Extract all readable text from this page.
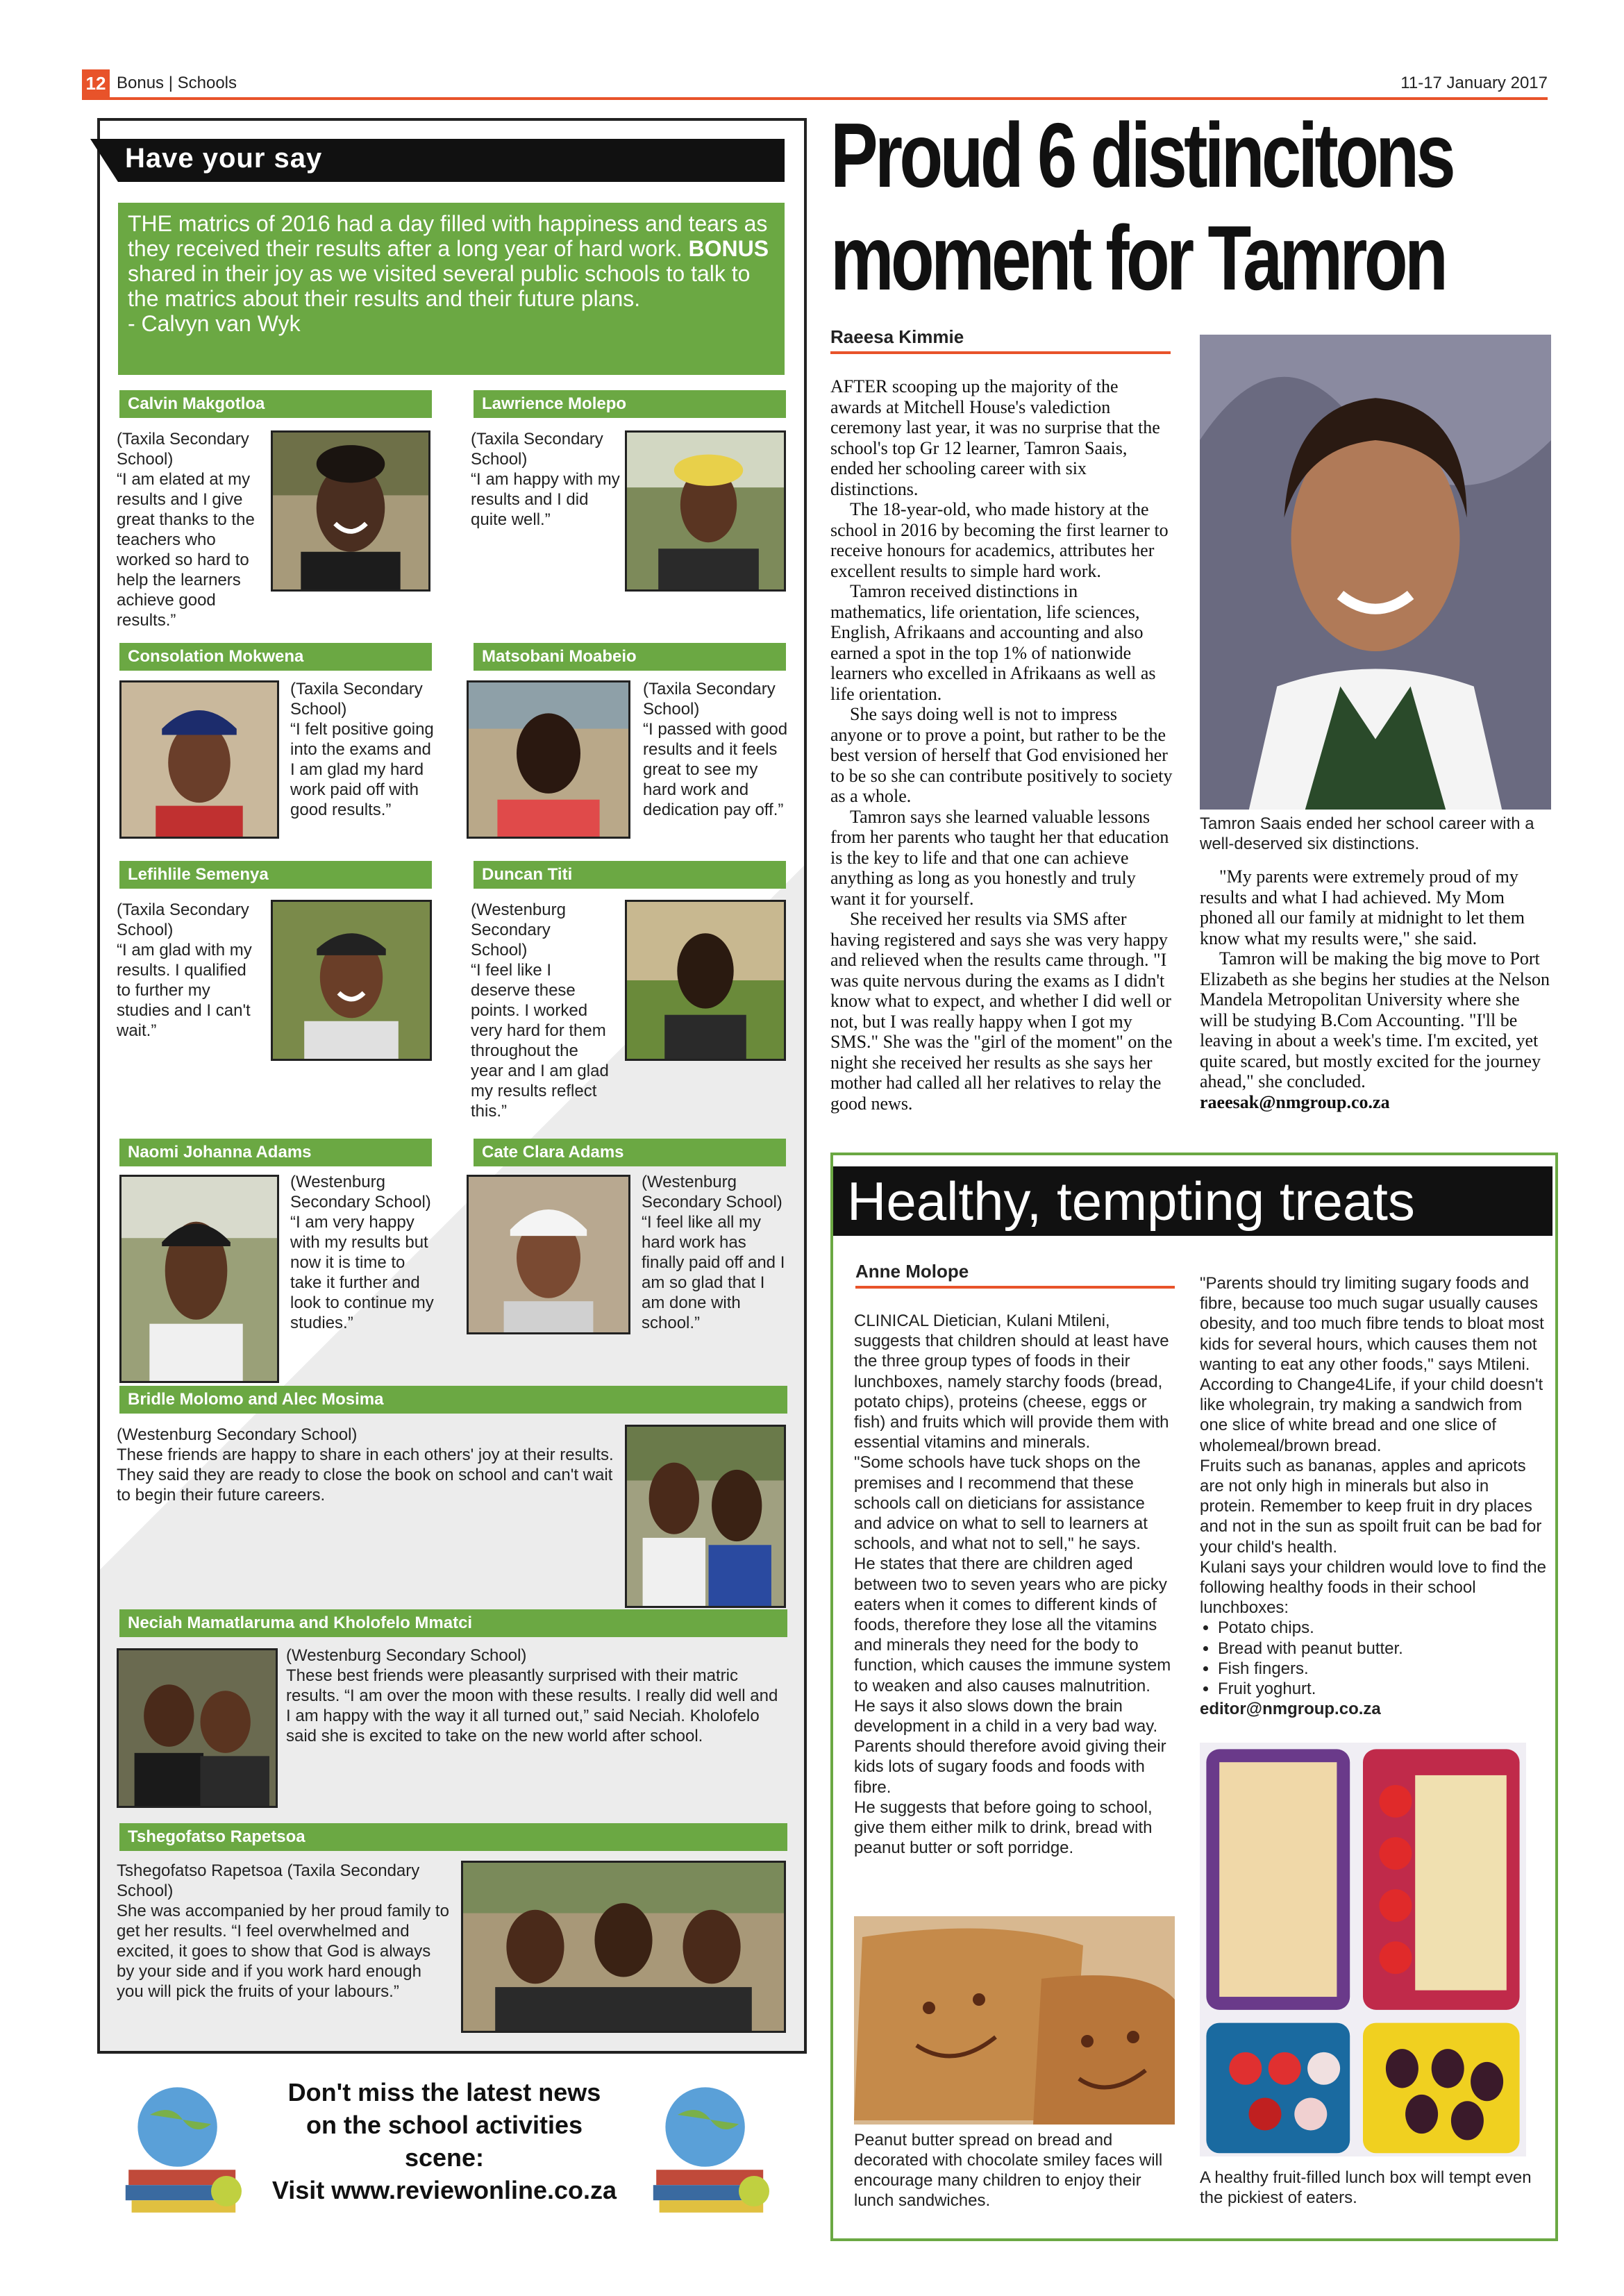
12 Bonus | Schools	11-17 January 2017
Have your say
THE matrics of 2016 had a day filled with happiness and tears as they received their results after a long year of hard work. BONUS shared in their joy as we visited several public schools to talk to the matrics about their results and their future plans.
- Calvyn van Wyk
Calvin Makgotloa
(Taxila Secondary School)
“I am elated at my results and I give great thanks to the teachers who worked so hard to help the learners achieve good results.”
Lawrience Molepo
(Taxila Secondary School)
“I am happy with my results and I did quite well.”
Consolation Mokwena
(Taxila Secondary School)
“I felt positive going into the exams and I am glad my hard work paid off with good results.”
Matsobani Moabeio
(Taxila Secondary School)
“I passed with good results and it feels great to see my hard work and dedication pay off.”
Lefihlile Semenya
(Taxila Secondary School)
“I am glad with my results. I qualified to further my studies and I can't wait.”
Duncan Titi
(Westenburg Secondary School)
“I feel like I deserve these points. I worked very hard for them throughout the year and I am glad my results reflect this.”
Naomi Johanna Adams
(Westenburg Secondary School)
“I am very happy with my results but now it is time to take it further and look to continue my studies.”
Cate Clara Adams
(Westenburg Secondary School)
“I feel like all my hard work has finally paid off and I am so glad that I am done with school.”
Bridle Molomo and Alec Mosima
(Westenburg Secondary School)
These friends are happy to share in each others' joy at their results. They said they are ready to close the book on school and can't wait to begin their future careers.
Neciah Mamatlaruma and Kholofelo Mmatci
(Westenburg Secondary School)
These best friends were pleasantly surprised with their matric results. “I am over the moon with these results. I really did well and I am happy with the way it all turned out,” said Neciah. Kholofelo said she is excited to take on the new world after school.
Tshegofatso Rapetsoa
Tshegofatso Rapetsoa (Taxila Secondary School)
She was accompanied by her proud family to get her results. “I feel overwhelmed and excited, it goes to show that God is always by your side and if you work hard enough you will pick the fruits of your labours.”
Don't miss the latest news
on the school activities
scene:
Visit www.reviewonline.co.za
Proud 6 distincitons
moment for Tamron
Raeesa Kimmie

AFTER scooping up the majority of the awards at Mitchell House's valediction ceremony last year, it was no surprise that the school's top Gr 12 learner, Tamron Saais, ended her schooling career with six distinctions.

The 18-year-old, who made history at the school in 2016 by becoming the first learner to receive honours for academics, attributes her excellent results to simple hard work.

Tamron received distinctions in mathematics, life orientation, life sciences, English, Afrikaans and accounting and also earned a spot in the top 1% of nationwide learners who excelled in Afrikaans as well as life orientation.

She says doing well is not to impress anyone or to prove a point, but rather to be the best version of herself that God envisioned her to be so she can contribute positively to society as a whole.

Tamron says she learned valuable lessons from her parents who taught her that education is the key to life and that one can achieve anything as long as you honestly and truly want it for yourself.

She received her results via SMS after having registered and says she was very happy and relieved when the results came through. "I was quite nervous during the exams as I didn't know what to expect, and whether I did well or not, but I was really happy when I got my SMS." She was the "girl of the moment" on the night she received her results as she says her mother had called all her relatives to relay the good news.

Tamron Saais ended her school career with a well-deserved six distinctions.

"My parents were extremely proud of my results and what I had achieved. My Mom phoned all our family at midnight to let them know what my results were," she said.

Tamron will be making the big move to Port Elizabeth as she begins her studies at the Nelson Mandela Metropolitan University where she will be studying B.Com Accounting. "I'll be leaving in about a week's time. I'm excited, yet quite scared, but mostly excited for the journey ahead," she concluded.

raeesak@nmgroup.co.za

Healthy, tempting treats
Anne Molope

CLINICAL Dietician, Kulani Mtileni, suggests that children should at least have the three group types of foods in their lunchboxes, namely starchy foods (bread, potato chips), proteins (cheese, eggs or fish) and fruits which will provide them with essential vitamins and minerals.

"Some schools have tuck shops on the premises and I recommend that these schools call on dieticians for assistance and advice on what to sell to learners at schools, and what not to sell," he says.

He states that there are children aged between two to seven years who are picky eaters when it comes to different kinds of foods, therefore they lose all the vitamins and minerals they need for the body to function, which causes the immune system to weaken and also causes malnutrition. He says it also slows down the brain development in a child in a very bad way.

Parents should therefore avoid giving their kids lots of sugary foods and foods with fibre.

He suggests that before going to school, give them either milk to drink, bread with peanut butter or soft porridge.

Peanut butter spread on bread and decorated with chocolate smiley faces will encourage many children to enjoy their lunch sandwiches.

"Parents should try limiting sugary foods and fibre, because too much sugar usually causes obesity, and too much fibre tends to bloat most kids for several hours, which causes them not wanting to eat any other foods," says Mtileni.

According to Change4Life, if your child doesn't like wholegrain, try making a sandwich from one slice of white bread and one slice of wholemeal/brown bread.

Fruits such as bananas, apples and apricots are not only high in minerals but also in protein. Remember to keep fruit in dry places and not in the sun as spoilt fruit can be bad for your child's health.

Kulani says your children would love to find the following healthy foods in their school lunchboxes:

• Potato chips.
• Bread with peanut butter.
• Fish fingers.
• Fruit yoghurt.

editor@nmgroup.co.za

A healthy fruit-filled lunch box will tempt even the pickiest of eaters.
